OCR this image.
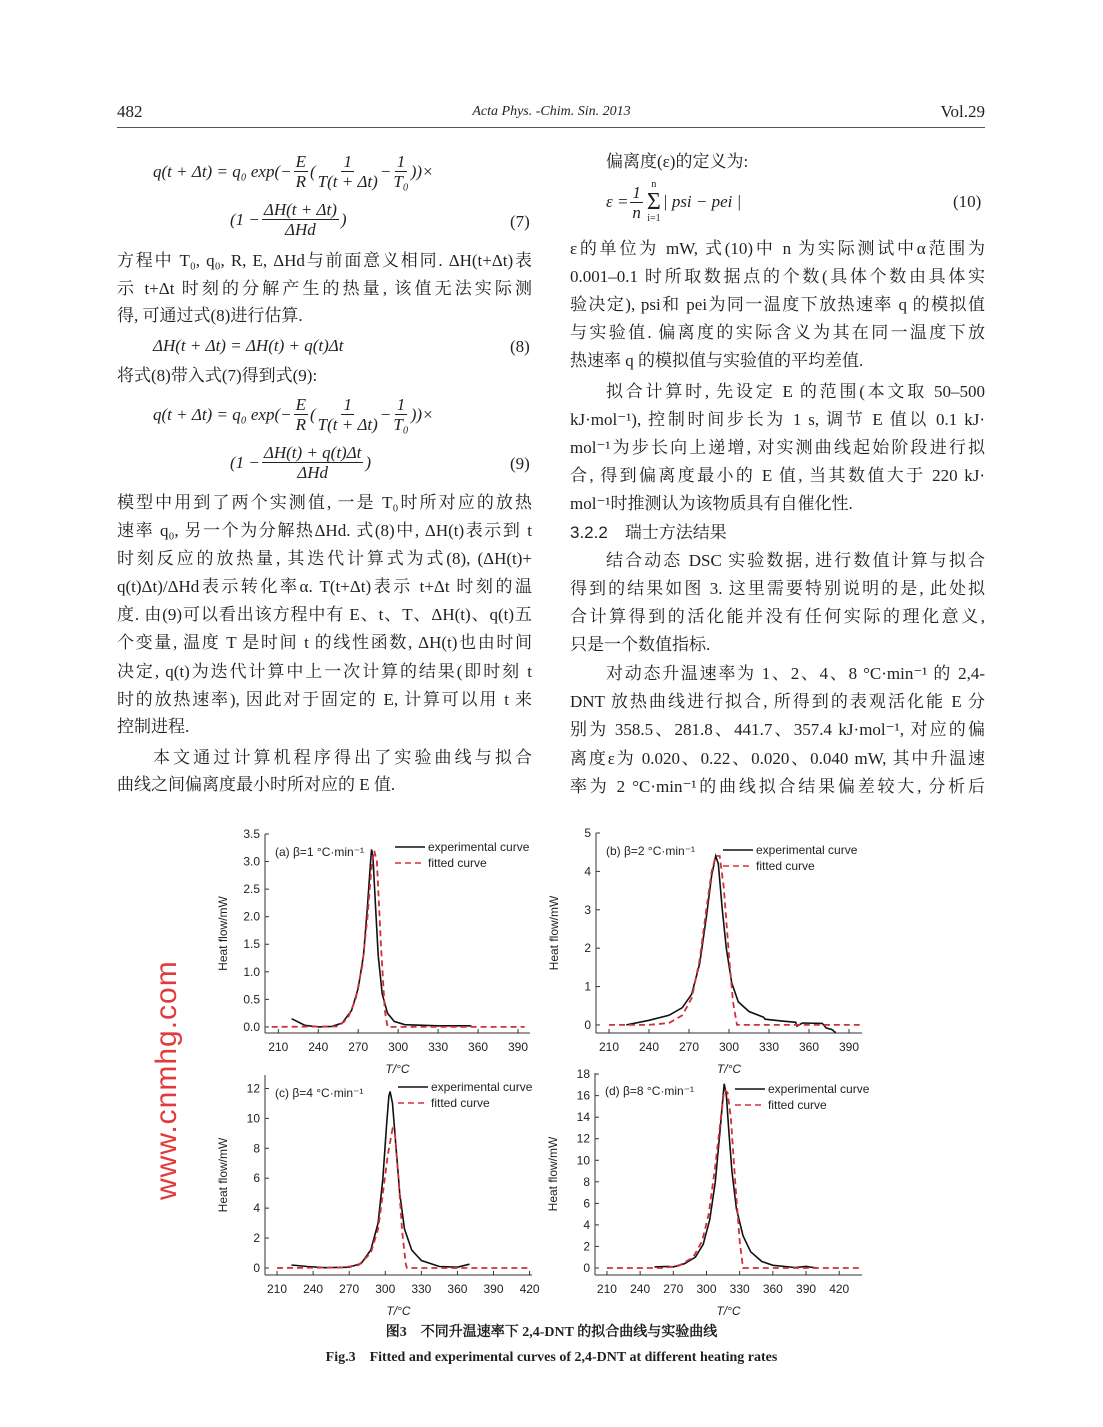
482	Acta Phys. -Chim. Sin. 2013	Vol.29
q(t + Δt) = q₀ $\exp(- \frac{E}{R}$ ( $\frac{1}{T(t + \Delta t)} - \frac{1}{\text{T₀}}$ ))×
(1 − ΔH(t + Δt)
ΔHd
)	(7)
方程中 T₀, q₀, R, E, ΔHd与前面意义相同. ΔH(t+Δt)表
示 t+Δt 时刻的分解产生的热量, 该值无法实际测
得, 可通过式(8)进行估算.
ΔH(t + Δt) = ΔH(t) + q(t)Δt	(8)
将式(8)带入式(7)得到式(9):
q(t + Δt) = q₀ $\exp(- \frac{E}{R}$ ( $\frac{1}{T(t + \Delta t)} - \frac{1}{\text{T₀}}$ ))×
(1 − ΔH(t) + q(t)Δt
ΔHd
)	(9)
模型中用到了两个实测值, 一是 T₀时所对应的放热
速率 q₀, 另一个为分解热ΔHd. 式(8)中, ΔH(t)表示到 t
时刻反应的放热量, 其迭代计算式为式(8), (ΔH(t)+
q(t)Δt)/ΔHd表示转化率α. T(t+Δt)表示 t+Δt 时刻的温
度. 由(9)可以看出该方程中有 E、t、T、ΔH(t)、q(t)五
个变量, 温度 T 是时间 t 的线性函数, ΔH(t)也由时间
决定, q(t)为迭代计算中上一次计算的结果(即时刻 t
时的放热速率), 因此对于固定的 E, 计算可以用 t 来
控制进程.
本文通过计算机程序得出了实验曲线与拟合
曲线之间偏离度最小时所对应的 E 值.
偏离度(ε)的定义为:
$\varepsilon = \frac{1}{n}$ n
Σ
i=1
| psi − pei |	(10)
ε的单位为 mW, 式(10)中 n 为实际测试中α范围为
0.001–0.1 时所取数据点的个数(具体个数由具体实
验决定), psi和 pei为同一温度下放热速率 q 的模拟值
与实验值. 偏离度的实际含义为其在同一温度下放
热速率 q 的模拟值与实验值的平均差值.
拟合计算时, 先设定 E 的范围(本文取 50–500
kJ·mol⁻¹), 控制时间步长为 1 s, 调节 E 值以 0.1 kJ·
mol⁻¹为步长向上递增, 对实测曲线起始阶段进行拟
合, 得到偏离度最小的 E 值, 当其数值大于 220 kJ·
mol⁻¹时推测认为该物质具有自催化性.
3.2.2 瑞士方法结果
结合动态 DSC 实验数据, 进行数值计算与拟合
得到的结果如图 3. 这里需要特别说明的是, 此处拟
合计算得到的活化能并没有任何实际的理化意义,
只是一个数值指标.
对动态升温速率为 1、2、4、8 °C·min⁻¹ 的 2,4-
DNT 放热曲线进行拟合, 所得到的表观活化能 E 分
别为 358.5、281.8、441.7、357.4 kJ·mol⁻¹, 对应的偏
离度ε为 0.020、0.22、0.020、0.040 mW, 其中升温速
率为 2 °C·min⁻¹的曲线拟合结果偏差较大, 分析后
210 240 270 300 330 360 390
0.0
0.5
1.0
1.5
2.0
2.5
3.0
3.5
T/°C
Heat flow/mW
(a) β=1 °C·min⁻¹	experimental curve
fitted curve
210 240 270 300 330 360 390
0
1
2
3
4
5
T/°C
Heat flow/mW
(b) β=2 °C·min⁻¹	experimental curve
fitted curve
210 240 270 300 330 360 390 420
0
2
4
6
8
10
12
T/°C
Heat flow/mW
(c) β=4 °C·min⁻¹	experimental curve
fitted curve
210 240 270 300 330 360 390 420
0
2
4
6
8
10
12
14
16
18
T/°C
Heat flow/mW
(d) β=8 °C·min⁻¹	experimental curve
fitted curve
图3　不同升温速率下 2,4-DNT 的拟合曲线与实验曲线
Fig.3　Fitted and experimental curves of 2,4-DNT at different heating rates
www.cnmhg.com
